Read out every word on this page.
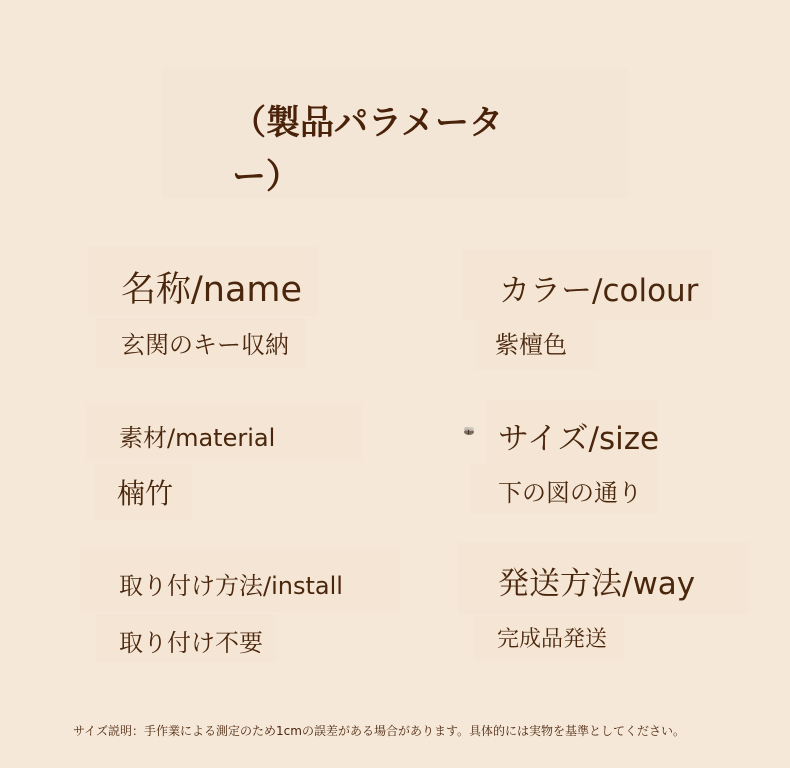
（製品パラメーター）
名称/name
玄関のキー収納
カラー/colour
紫檀色
素材/material
楠竹
サイズ/size
下の図の通り
取り付け方法/install
取り付け不要
発送方法/way
完成品発送
サイズ説明：手作業による測定のため1cmの誤差がある場合があります。具体的には実物を基準としてください。
